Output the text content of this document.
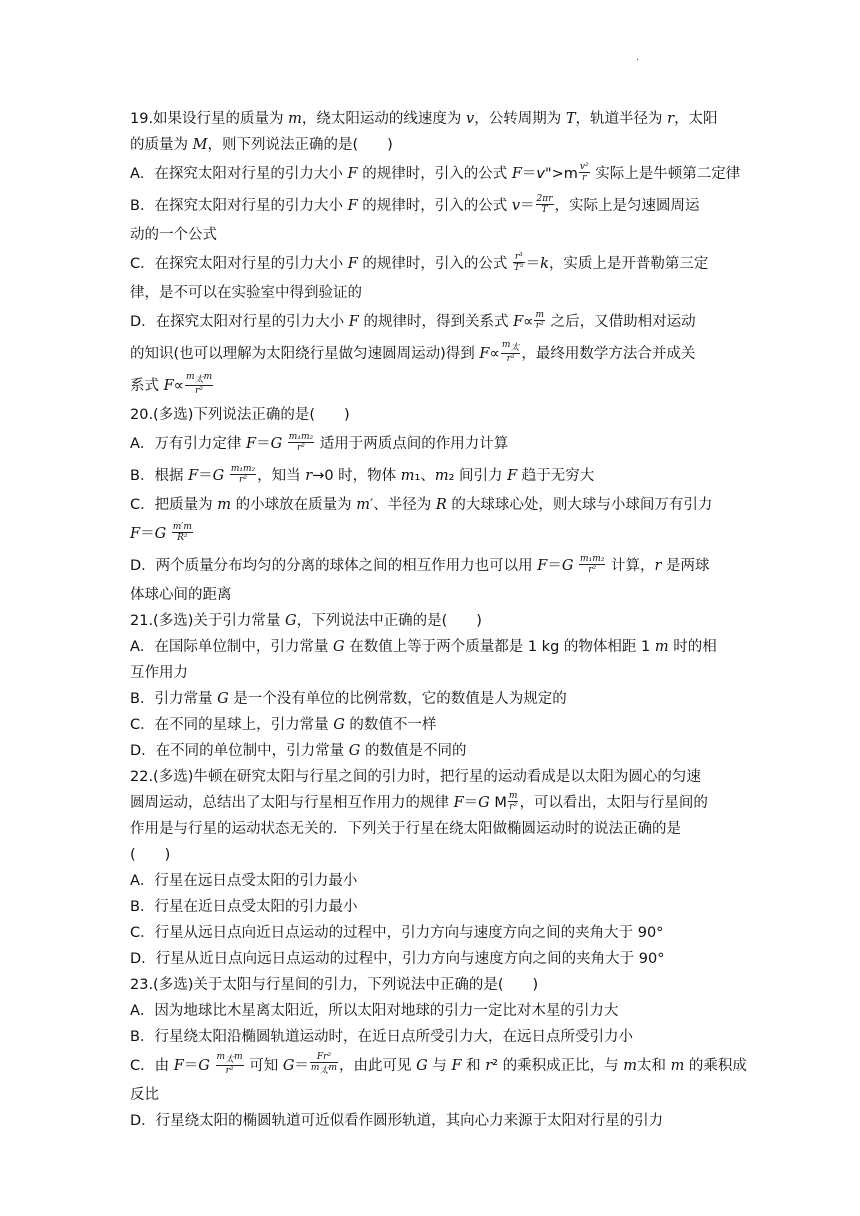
.
19.如果设行星的质量为 m，绕太阳运动的线速度为 v，公转周期为 T，轨道半径为 r，太阳
的质量为 M，则下列说法正确的是(　　)
A．在探究太阳对行星的引力大小 F 的规律时，引入的公式 F＝v">m $\frac{\text{v²}}{r}$ 实际上是牛顿第二定律
B．在探究太阳对行星的引力大小 F 的规律时，引入的公式 $v= \frac{2\pi r}{T}$ ，实际上是匀速圆周运
动的一个公式
C．在探究太阳对行星的引力大小 F 的规律时，引入的公式 $\frac{\text{r³}}{\text{T²}} =k$，实质上是开普勒第三定
律，是不可以在实验室中得到验证的
D．在探究太阳对行星的引力大小 F 的规律时，得到关系式 $F\propto \frac{m}{\text{r²}}$ 之后，又借助相对运动
的知识(也可以理解为太阳绕行星做匀速圆周运动)得到 $F\propto \frac{m_太}{\text{r²}}$ ，最终用数学方法合并成关
系式 $F\propto \frac{m_太m}{\text{r²}}$
20.(多选)下列说法正确的是(　　)
A．万有引力定律 $F=G \frac{\text{m₁m₂}}{\text{r²}}$ 适用于两质点间的作用力计算
B．根据 $F=G \frac{\text{m₁m₂}}{\text{r²}}$ ，知当 r→0 时，物体 m₁、m₂ 间引力 F 趋于无穷大
C．把质量为 m 的小球放在质量为 m′、半径为 R 的大球球心处，则大球与小球间万有引力
$F=G \frac{m'm}{\text{R²}}$
D．两个质量分布均匀的分离的球体之间的相互作用力也可以用 $F=G \frac{\text{m₁m₂}}{\text{r²}}$ 计算，r 是两球
体球心间的距离
21.(多选)关于引力常量 G，下列说法中正确的是(　　)
A．在国际单位制中，引力常量 G 在数值上等于两个质量都是 1 kg 的物体相距 1 m 时的相
互作用力
B．引力常量 G 是一个没有单位的比例常数，它的数值是人为规定的
C．在不同的星球上，引力常量 G 的数值不一样
D．在不同的单位制中，引力常量 G 的数值是不同的
22.(多选)牛顿在研究太阳与行星之间的引力时，把行星的运动看成是以太阳为圆心的匀速
圆周运动，总结出了太阳与行星相互作用力的规律 F＝G M $\frac{m}{\text{r²}}$ ，可以看出，太阳与行星间的
作用是与行星的运动状态无关的．下列关于行星在绕太阳做椭圆运动时的说法正确的是
(　　)
A．行星在远日点受太阳的引力最小
B．行星在近日点受太阳的引力最小
C．行星从远日点向近日点运动的过程中，引力方向与速度方向之间的夹角大于 90°
D．行星从近日点向远日点运动的过程中，引力方向与速度方向之间的夹角大于 90°
23.(多选)关于太阳与行星间的引力，下列说法中正确的是(　　)
A．因为地球比木星离太阳近，所以太阳对地球的引力一定比对木星的引力大
B．行星绕太阳沿椭圆轨道运动时，在近日点所受引力大，在远日点所受引力小
C．由 $F=G \frac{m_太m}{\text{r²}}$ 可知 $G= \frac{\text{Fr²}}{m_太m}$ ，由此可见 G 与 F 和 r² 的乘积成正比，与 m太和 m 的乘积成
反比
D．行星绕太阳的椭圆轨道可近似看作圆形轨道，其向心力来源于太阳对行星的引力
